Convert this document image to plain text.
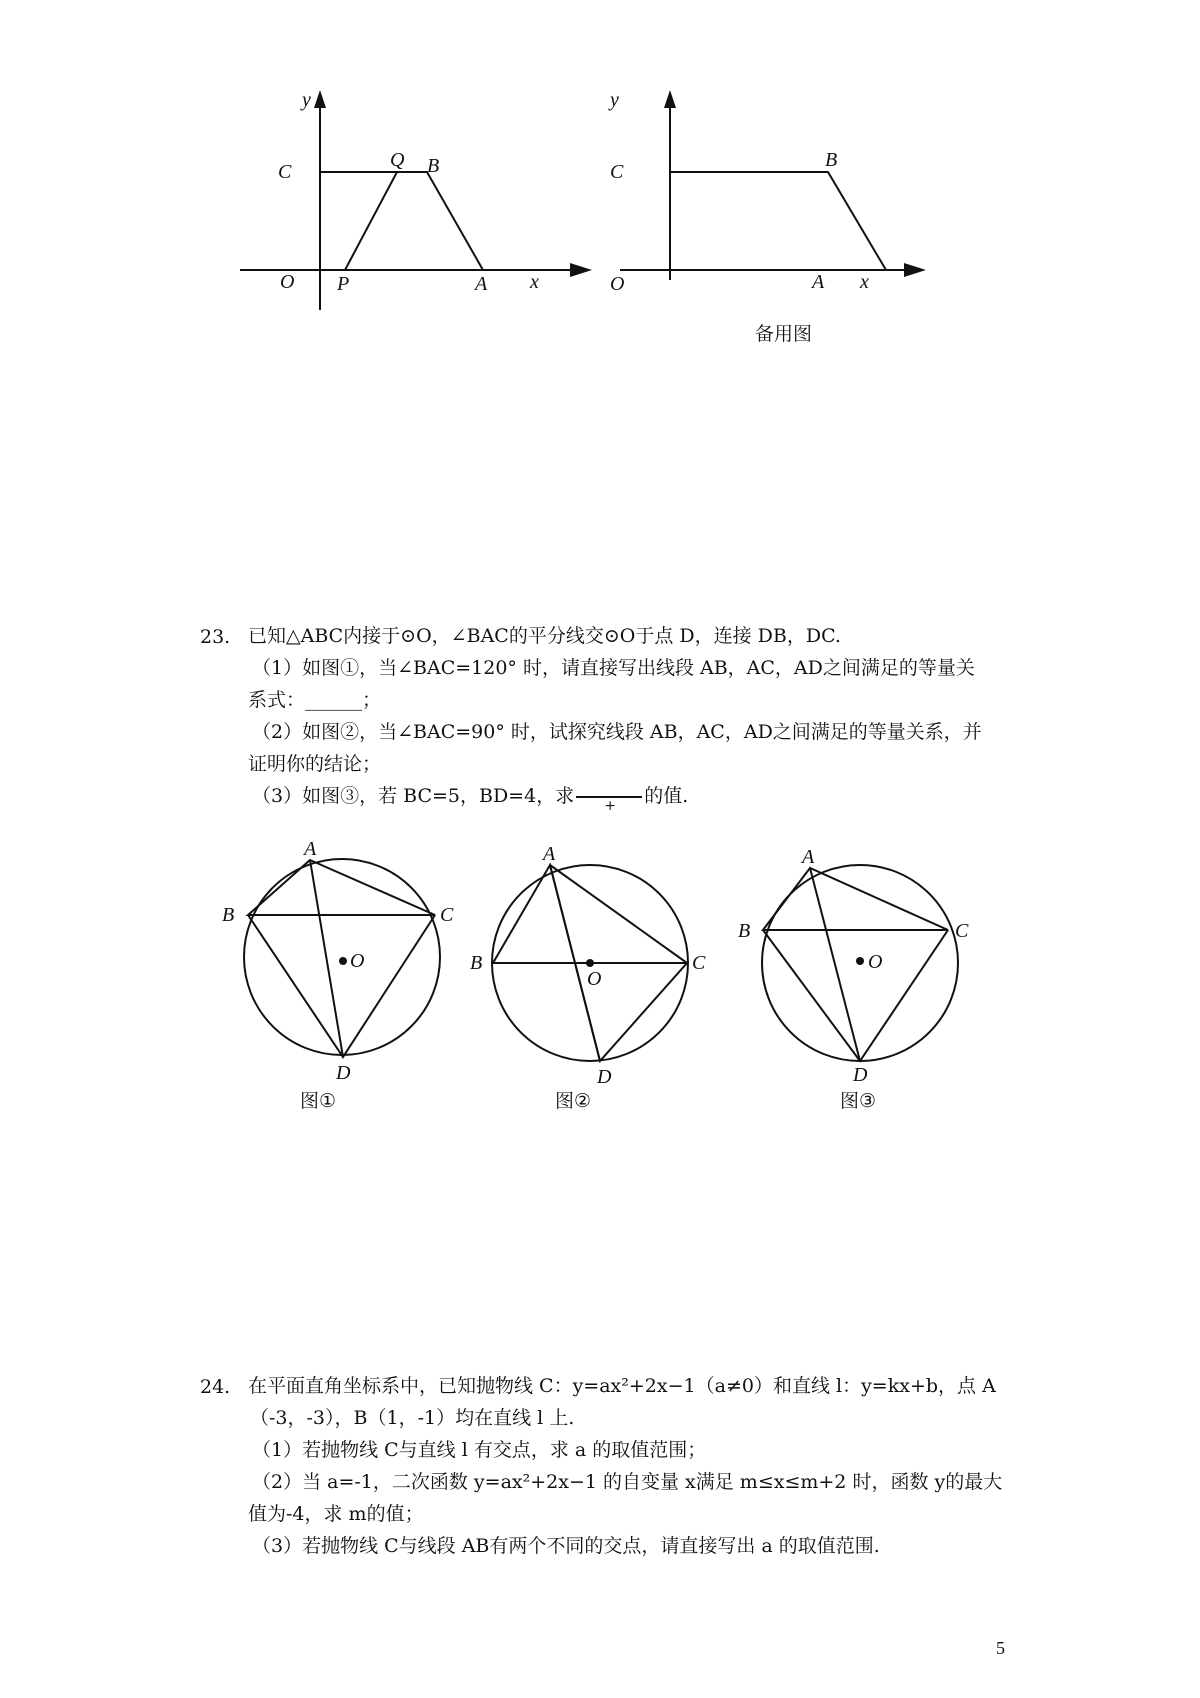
y
x
O
C
Q B
P	A
y
x
O
C
B
A
备用图
23. 已知△ABC内接于⊙O，∠BAC的平分线交⊙O于点 D，连接 DB，DC.
（1）如图①，当∠BAC=120° 时，请直接写出线段 AB，AC，AD之间满足的等量关
系式：______；
（2）如图②，当∠BAC=90° 时，试探究线段 AB，AC，AD之间满足的等量关系，并
证明你的结论；
（3）如图③，若 BC=5，BD=4，求 + 的值.
A
B	C
O
D
图①
A
B	C
O
D
图②
A
B	C
O
D
图③
24. 在平面直角坐标系中，已知抛物线 C：y=ax²+2x−1（a≠0）和直线 l：y=kx+b，点 A
（-3，-3），B（1，-1）均在直线 l 上.
（1）若抛物线 C与直线 l 有交点，求 a 的取值范围；
（2）当 a=-1，二次函数 y=ax²+2x−1 的自变量 x满足 m≤x≤m+2 时，函数 y的最大
值为-4，求 m的值；
（3）若抛物线 C与线段 AB有两个不同的交点，请直接写出 a 的取值范围.
5
